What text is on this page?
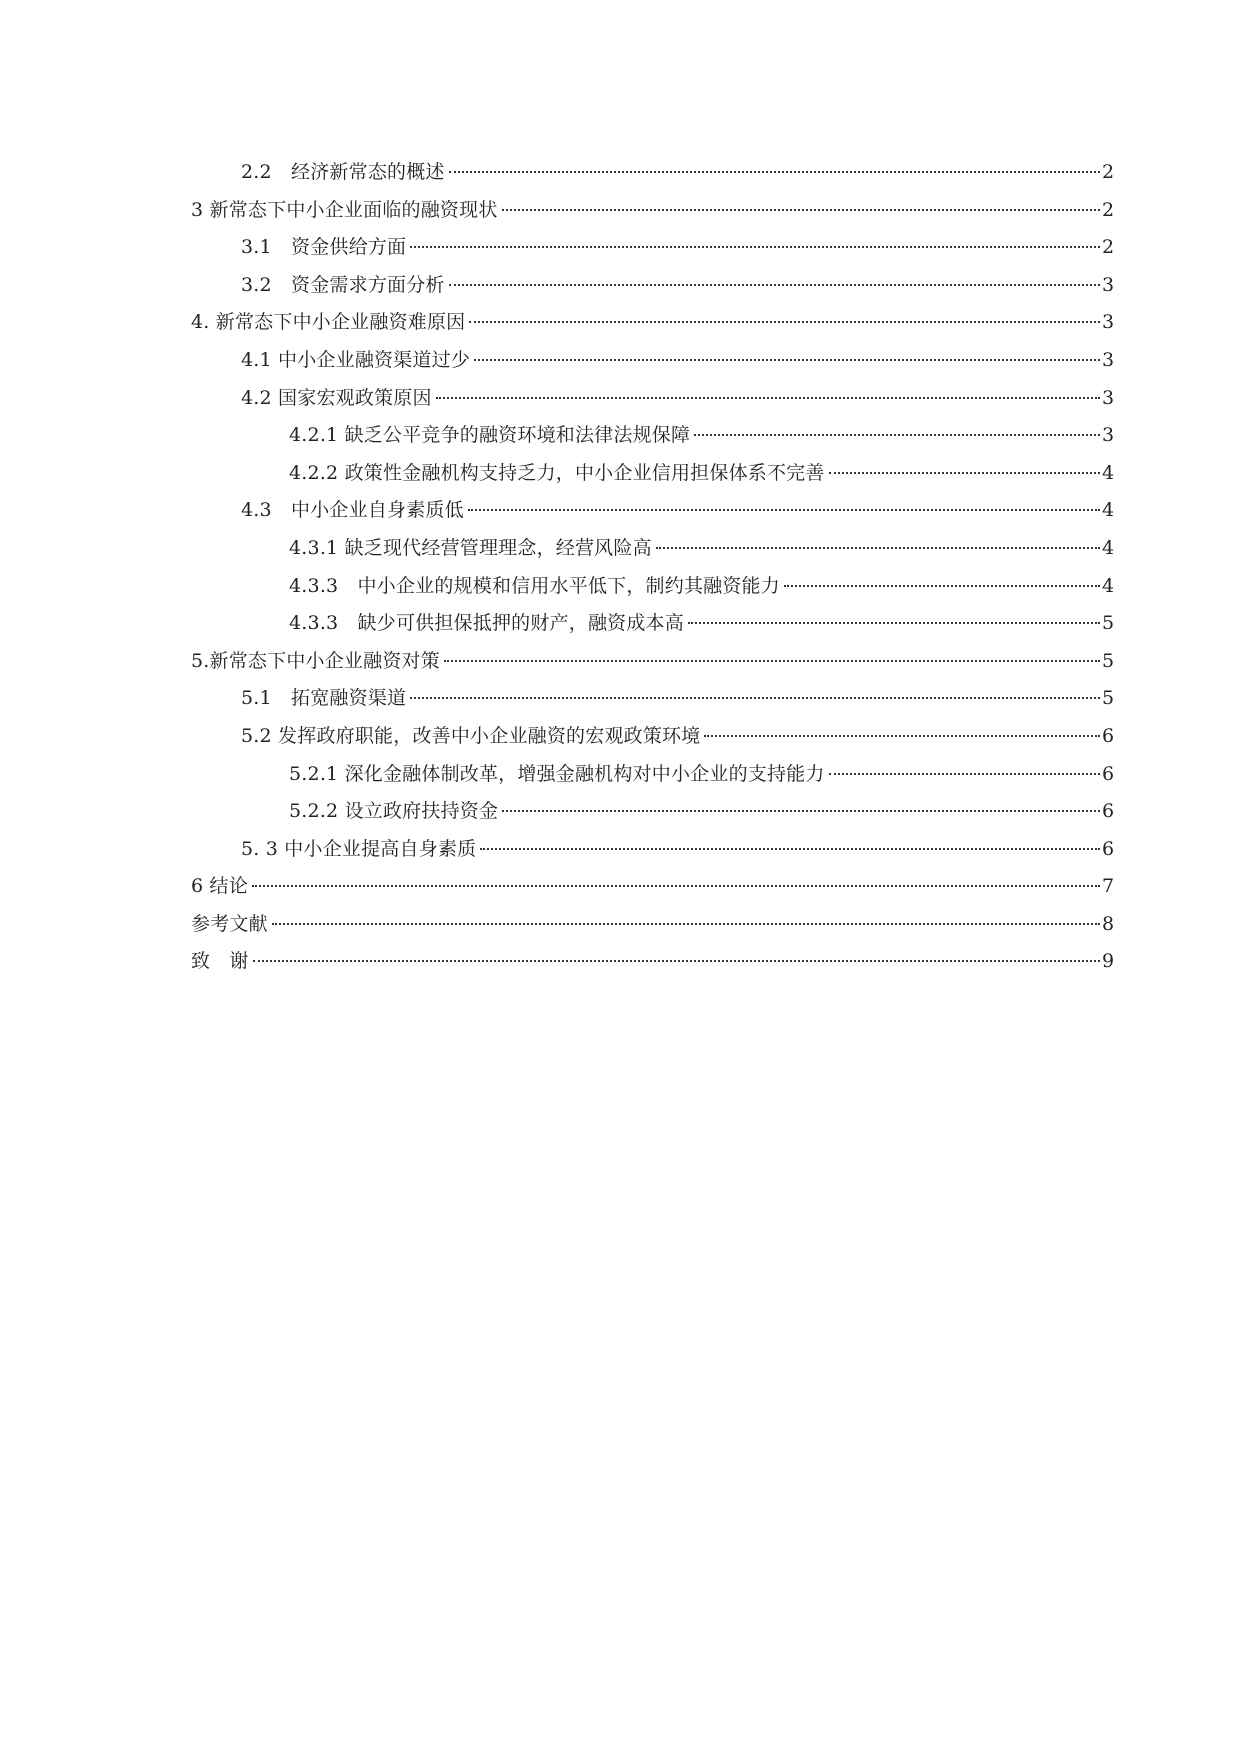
2.2　经济新常态的概述	2
3 新常态下中小企业面临的融资现状	2
3.1　资金供给方面	2
3.2　资金需求方面分析	3
4. 新常态下中小企业融资难原因	3
4.1 中小企业融资渠道过少	3
4.2 国家宏观政策原因	3
4.2.1 缺乏公平竞争的融资环境和法律法规保障	3
4.2.2 政策性金融机构支持乏力，中小企业信用担保体系不完善	4
4.3　中小企业自身素质低	4
4.3.1 缺乏现代经营管理理念，经营风险高	4
4.3.3　中小企业的规模和信用水平低下，制约其融资能力	4
4.3.3　缺少可供担保抵押的财产，融资成本高	5
5.新常态下中小企业融资对策	5
5.1　拓宽融资渠道	5
5.2 发挥政府职能，改善中小企业融资的宏观政策环境	6
5.2.1 深化金融体制改革，增强金融机构对中小企业的支持能力	6
5.2.2 设立政府扶持资金	6
5. 3 中小企业提高自身素质	6
6 结论	7
参考文献	8
致　谢	9
